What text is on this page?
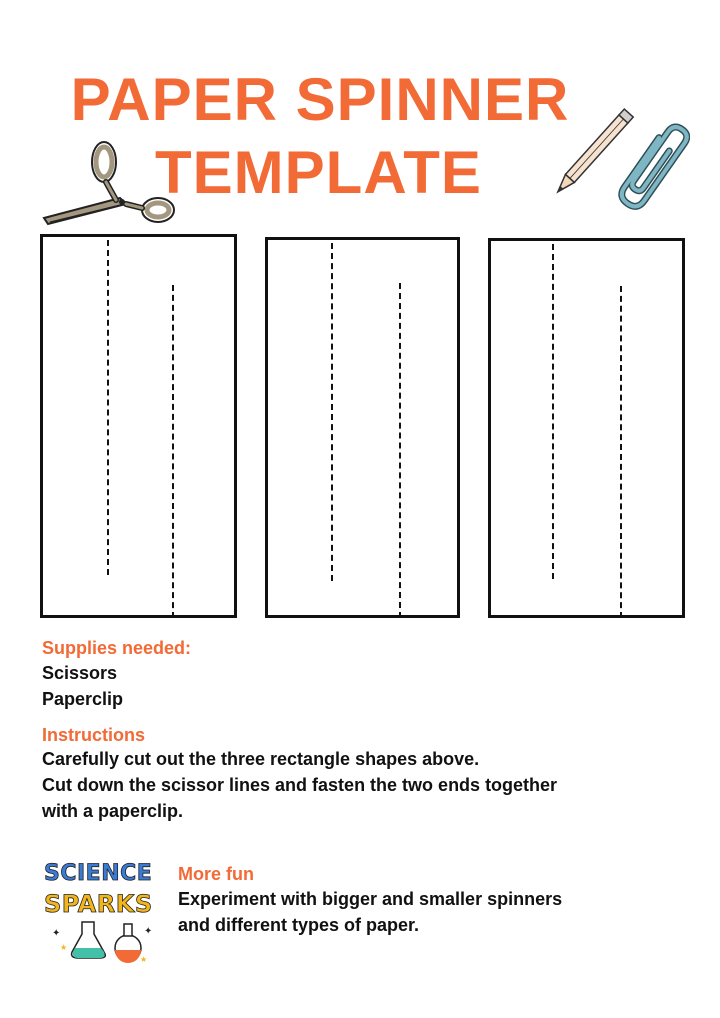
PAPER SPINNER
TEMPLATE
Supplies needed:
Scissors
Paperclip
Instructions
Carefully cut out the three rectangle shapes above.
Cut down the scissor lines and fasten the two ends together
with a paperclip.
SCIENCE
SPARKS
✦
★
✦
★
More fun
Experiment with bigger and smaller spinners
and different types of paper.
